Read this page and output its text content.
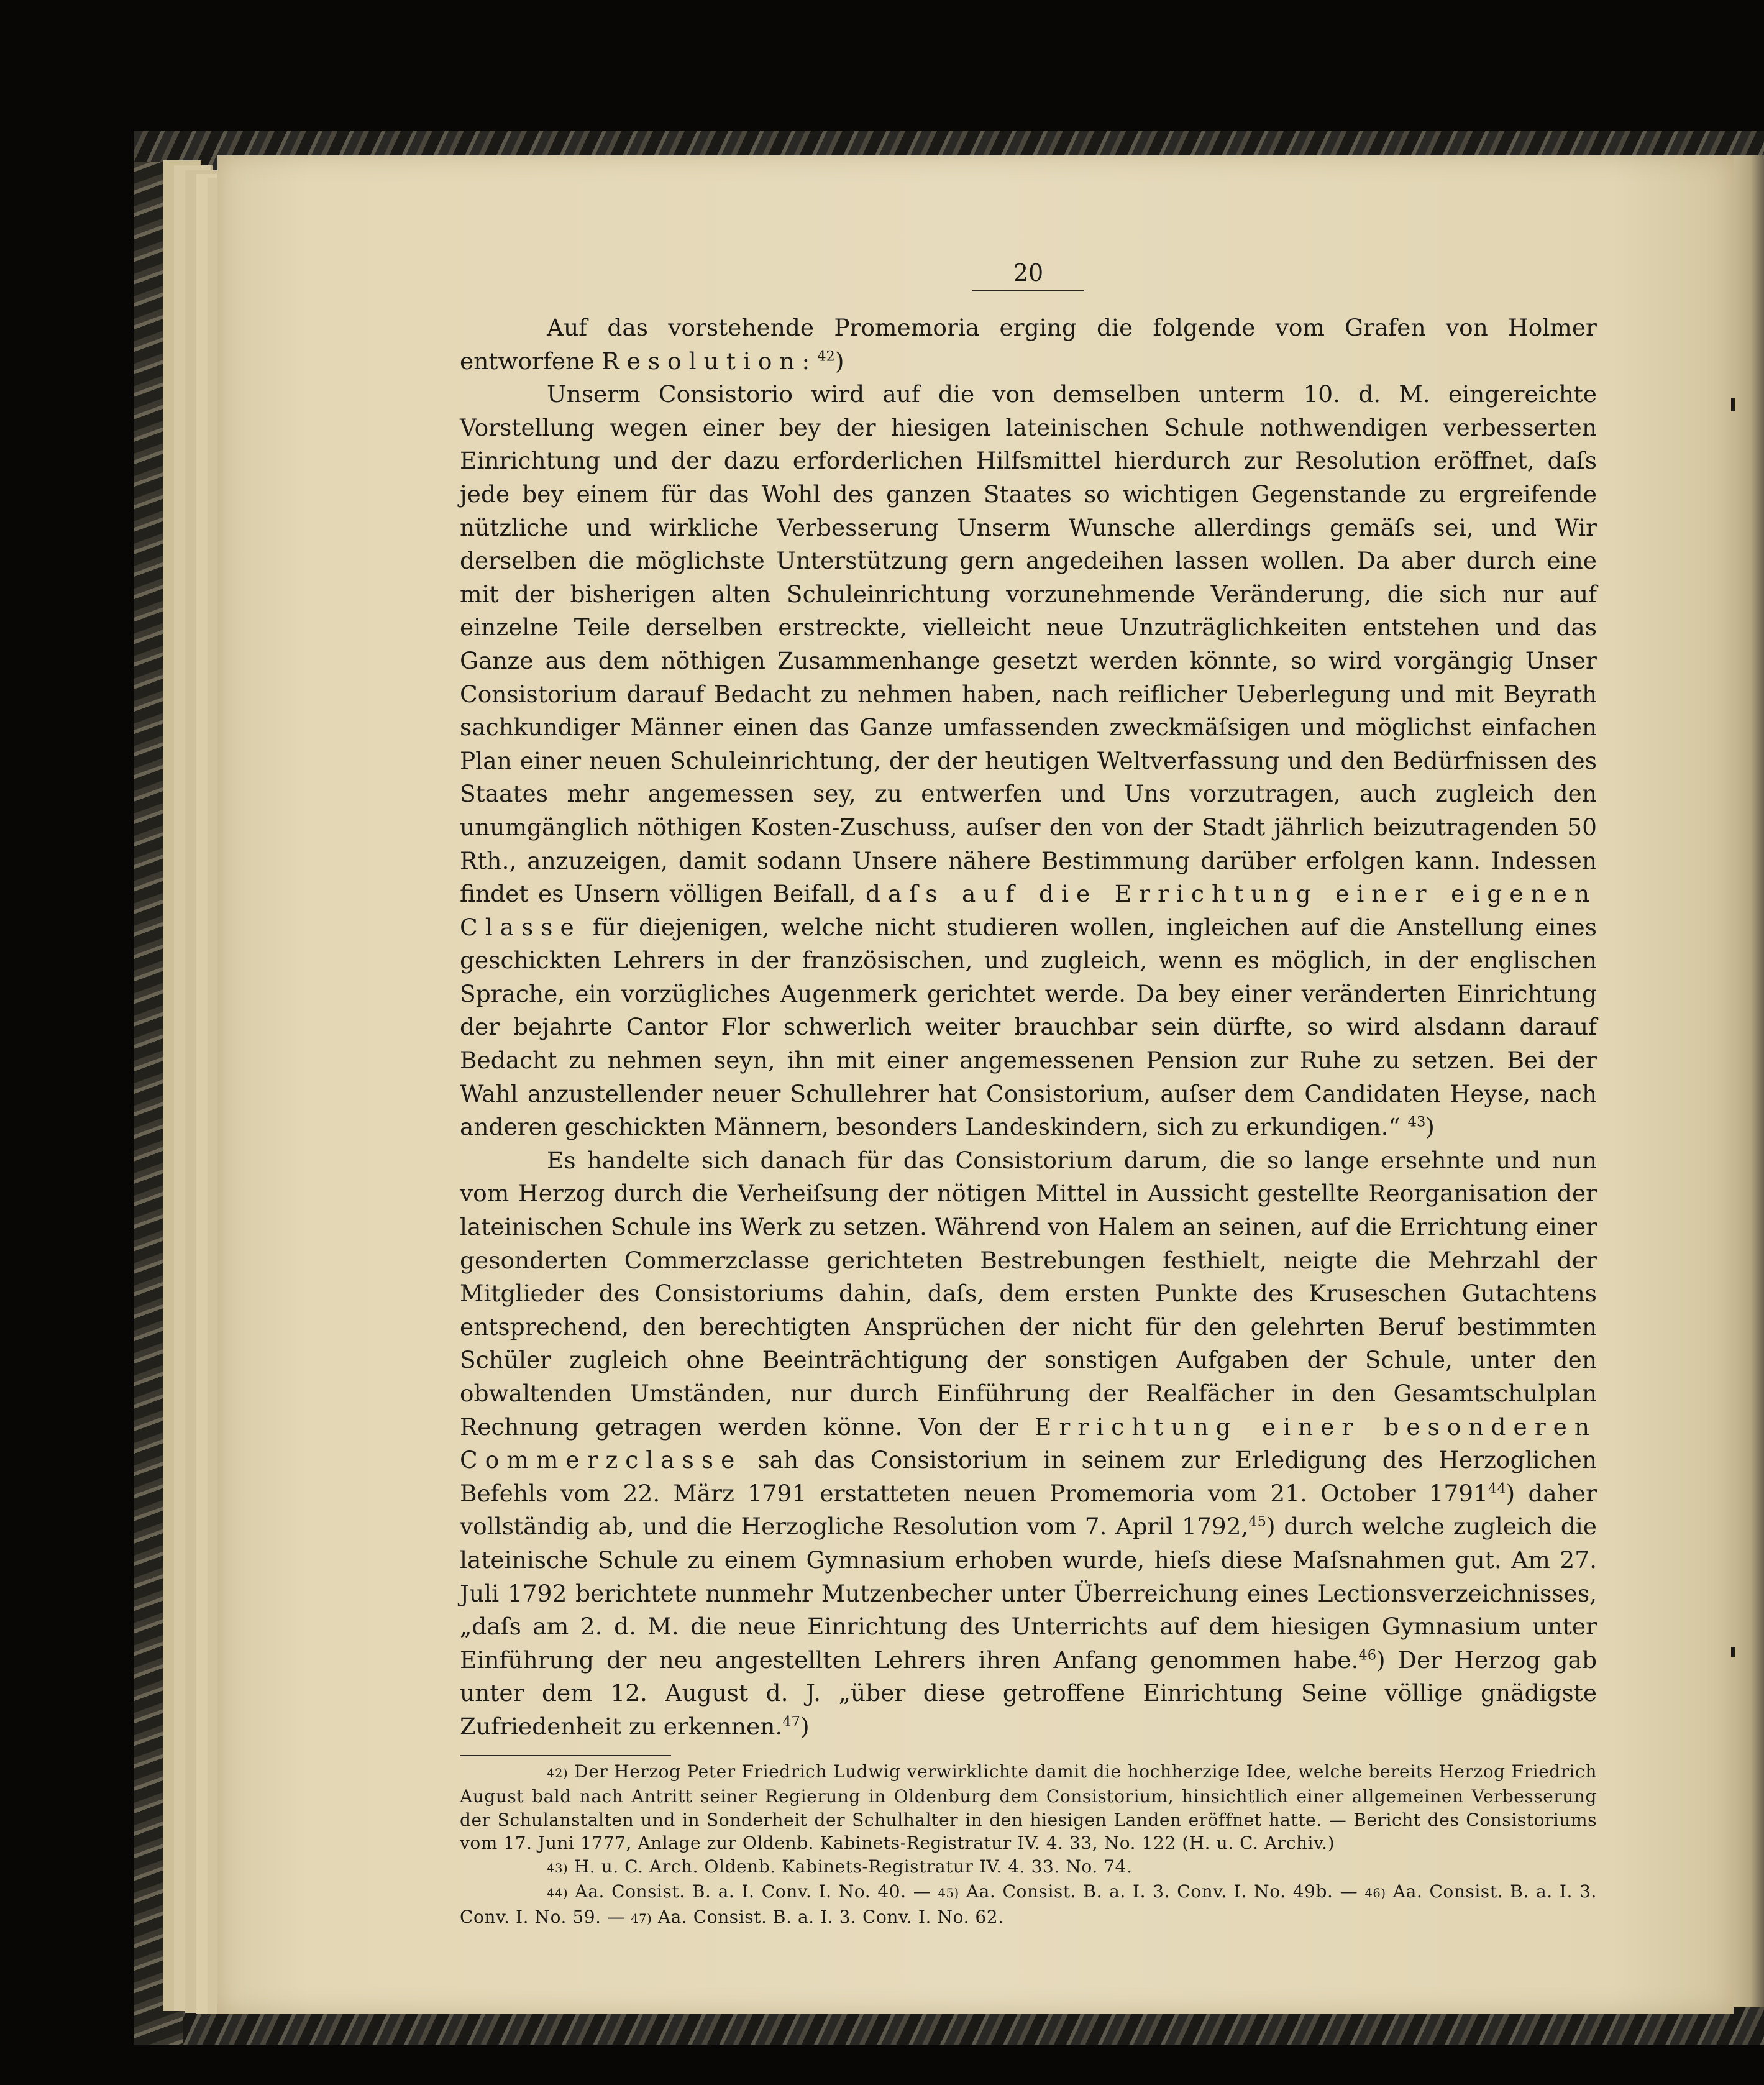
20

Auf das vorstehende Promemoria erging die folgende vom Grafen von Holmer entworfene Resolution:$^{42}$)

Unserm Consistorio wird auf die von demselben unterm 10. d. M. eingereichte Vorstellung wegen einer bey der hiesigen lateinischen Schule nothwendigen verbesserten Einrichtung und der dazu erforderlichen Hilfsmittel hierdurch zur Resolution eröffnet, daſs jede bey einem für das Wohl des ganzen Staates so wichtigen Gegenstande zu ergreifende nützliche und wirkliche Verbesserung Unserm Wunsche allerdings gemäſs sei, und Wir derselben die möglichste Unterstützung gern angedeihen lassen wollen. Da aber durch eine mit der bisherigen alten Schuleinrichtung vorzunehmende Veränderung, die sich nur auf einzelne Teile derselben erstreckte, vielleicht neue Unzuträglichkeiten entstehen und das Ganze aus dem nöthigen Zusammenhange gesetzt werden könnte, so wird vorgängig Unser Consistorium darauf Bedacht zu nehmen haben, nach reiflicher Ueberlegung und mit Beyrath sachkundiger Männer einen das Ganze umfassenden zweckmäſsigen und möglichst einfachen Plan einer neuen Schuleinrichtung, der der heutigen Weltverfassung und den Bedürfnissen des Staates mehr angemessen sey, zu entwerfen und Uns vorzutragen, auch zugleich den unumgänglich nöthigen Kosten-Zuschuss, auſser den von der Stadt jährlich beizutragenden 50 Rth., anzuzeigen, damit sodann Unsere nähere Bestimmung darüber erfolgen kann. Indessen findet es Unsern völligen Beifall, daſs auf die Errichtung einer eigenen Classe für diejenigen, welche nicht studieren wollen, ingleichen auf die Anstellung eines geschickten Lehrers in der französischen, und zugleich, wenn es möglich, in der englischen Sprache, ein vorzügliches Augenmerk gerichtet werde. Da bey einer veränderten Einrichtung der bejahrte Cantor Flor schwerlich weiter brauchbar sein dürfte, so wird alsdann darauf Bedacht zu nehmen seyn, ihn mit einer angemessenen Pension zur Ruhe zu setzen. Bei der Wahl anzustellender neuer Schullehrer hat Consistorium, auſser dem Candidaten Heyse, nach anderen geschickten Männern, besonders Landeskindern, sich zu erkundigen.“ $^{43}$)

Es handelte sich danach für das Consistorium darum, die so lange ersehnte und nun vom Herzog durch die Verheiſsung der nötigen Mittel in Aussicht gestellte Reorganisation der lateinischen Schule ins Werk zu setzen. Während von Halem an seinen, auf die Errichtung einer gesonderten Commerzclasse gerichteten Bestrebungen festhielt, neigte die Mehrzahl der Mitglieder des Consistoriums dahin, daſs, dem ersten Punkte des Kruseschen Gutachtens entsprechend, den berechtigten Ansprüchen der nicht für den gelehrten Beruf bestimmten Schüler zugleich ohne Beeinträchtigung der sonstigen Aufgaben der Schule, unter den obwaltenden Umständen, nur durch Einführung der Realfächer in den Gesamtschulplan Rechnung getragen werden könne. Von der Errichtung einer besonderen Commerzclasse sah das Consistorium in seinem zur Erledigung des Herzoglichen Befehls vom 22. März 1791 erstatteten neuen Promemoria vom 21. October 1791$^{44}$) daher vollständig ab, und die Herzogliche Resolution vom 7. April 1792,45) durch welche zugleich die lateinische Schule zu einem Gymnasium erhoben wurde, hieſs diese Maſsnahmen gut. Am 27. Juli 1792 berichtete nunmehr Mutzenbecher unter Überreichung eines Lectionsverzeichnisses, „daſs am 2. d. M. die neue Einrichtung des Unterrichts auf dem hiesigen Gymnasium unter Einführung der neu angestellten Lehrers ihren Anfang genommen habe.$^{46}$) Der Herzog gab unter dem 12. August d. J. „über diese getroffene Einrichtung Seine völlige gnädigste Zufriedenheit zu erkennen.$^{47}$)

42) Der Herzog Peter Friedrich Ludwig verwirklichte damit die hochherzige Idee, welche bereits Herzog Friedrich August bald nach Antritt seiner Regierung in Oldenburg dem Consistorium, hinsichtlich einer allgemeinen Verbesserung der Schulanstalten und in Sonderheit der Schulhalter in den hiesigen Landen eröffnet hatte. — Bericht des Consistoriums vom 17. Juni 1777, Anlage zur Oldenb. Kabinets-Registratur IV. 4. 33, No. 122 (H. u. C. Archiv.)

43) H. u. C. Arch. Oldenb. Kabinets-Registratur IV. 4. 33. No. 74.

44) Aa. Consist. B. a. I. Conv. I. No. 40. — 45) Aa. Consist. B. a. I. 3. Conv. I. No. 49b. — 46) Aa. Consist. B. a. I. 3. Conv. I. No. 59. — 47) Aa. Consist. B. a. I. 3. Conv. I. No. 62.
